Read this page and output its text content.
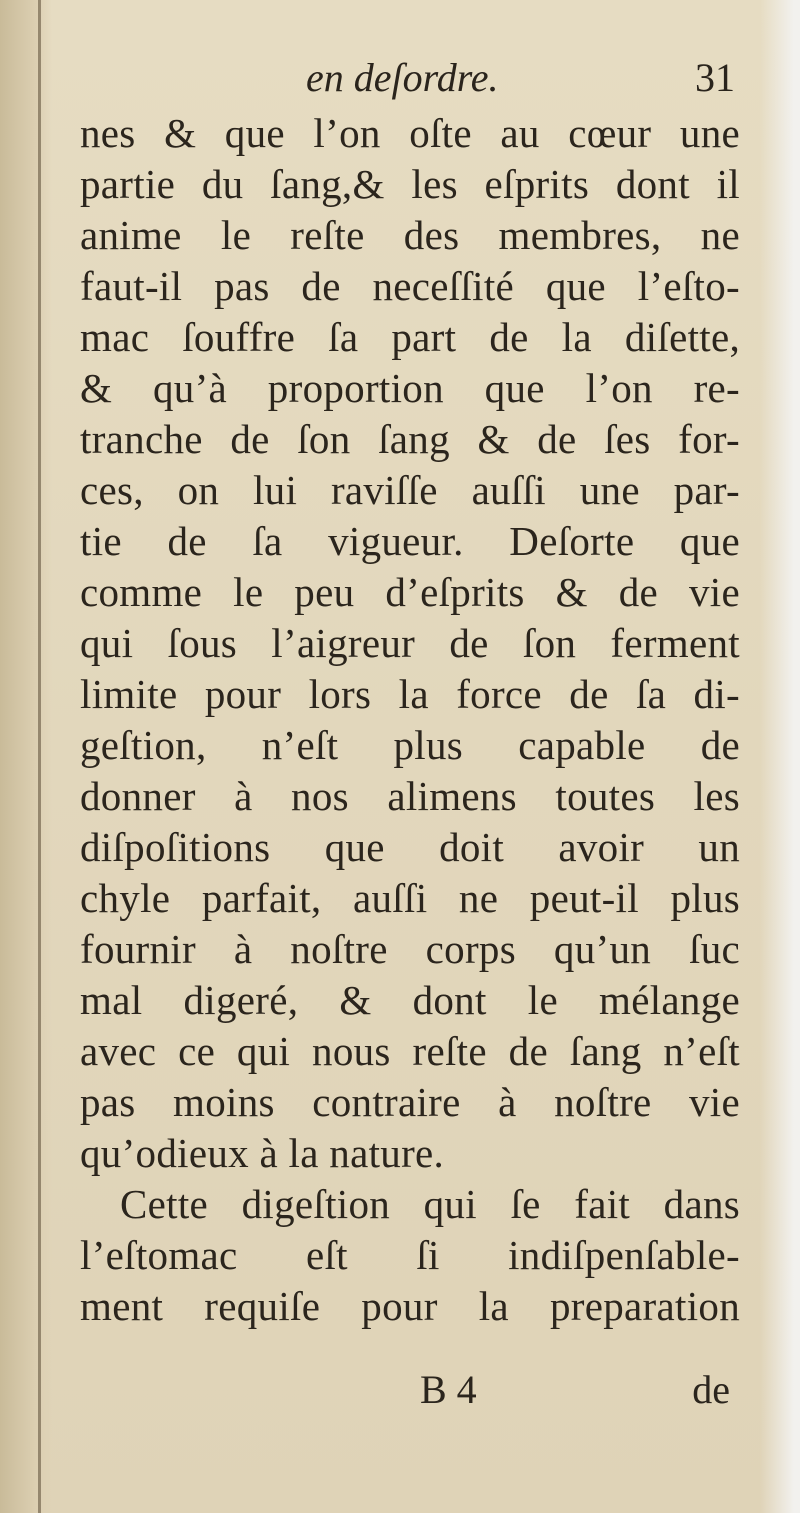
en deſordre.	31
nes & que l’on oſte au cœur une
partie du ſang,& les eſprits dont il
anime le reſte des membres, ne
faut-il pas de neceſſité que l’eſto-
mac ſouffre ſa part de la diſette,
& qu’à proportion que l’on re-
tranche de ſon ſang & de ſes for-
ces, on lui raviſſe auſſi une par-
tie de ſa vigueur. Deſorte que
comme le peu d’eſprits & de vie
qui ſous l’aigreur de ſon ferment
limite pour lors la force de ſa di-
geſtion, n’eſt plus capable de
donner à nos alimens toutes les
diſpoſitions que doit avoir un
chyle parfait, auſſi ne peut-il plus
fournir à noſtre corps qu’un ſuc
mal digeré, & dont le mélange
avec ce qui nous reſte de ſang n’eſt
pas moins contraire à noſtre vie
qu’odieux à la nature.
Cette digeſtion qui ſe fait dans
l’eſtomac eſt ſi indiſpenſable-
ment requiſe pour la preparation
B 4	de
